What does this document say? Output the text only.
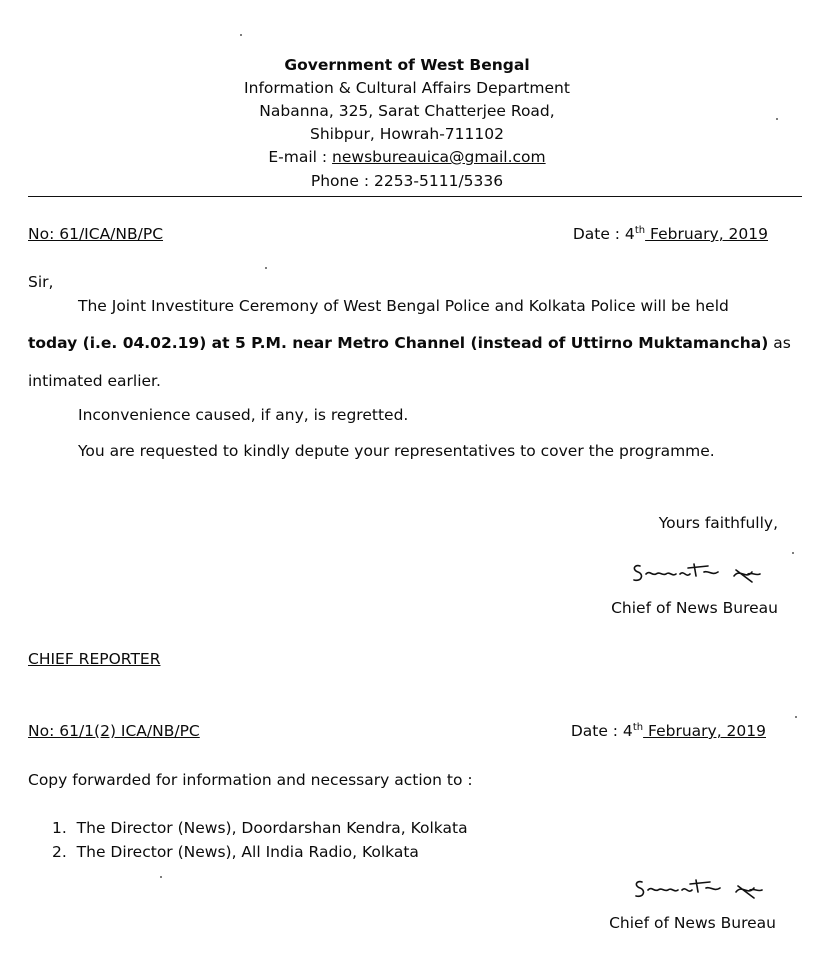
Government of West Bengal
Information & Cultural Affairs Department
Nabanna, 325, Sarat Chatterjee Road,
Shibpur, Howrah-711102
E-mail : newsbureauica@gmail.com
Phone : 2253-5111/5336
No: 61/ICA/NB/PC	Date : 4th February, 2019
Sir,
The Joint Investiture Ceremony of West Bengal Police and Kolkata Police will be held
today (i.e. 04.02.19) at 5 P.M. near Metro Channel (instead of Uttirno Muktamancha) as
intimated earlier.
Inconvenience caused, if any, is regretted.
You are requested to kindly depute your representatives to cover the programme.
Yours faithfully,
Chief of News Bureau
CHIEF REPORTER
No: 61/1(2) ICA/NB/PC	Date : 4th February, 2019
Copy forwarded for information and necessary action to :
1. The Director (News), Doordarshan Kendra, Kolkata
2. The Director (News), All India Radio, Kolkata
Chief of News Bureau
